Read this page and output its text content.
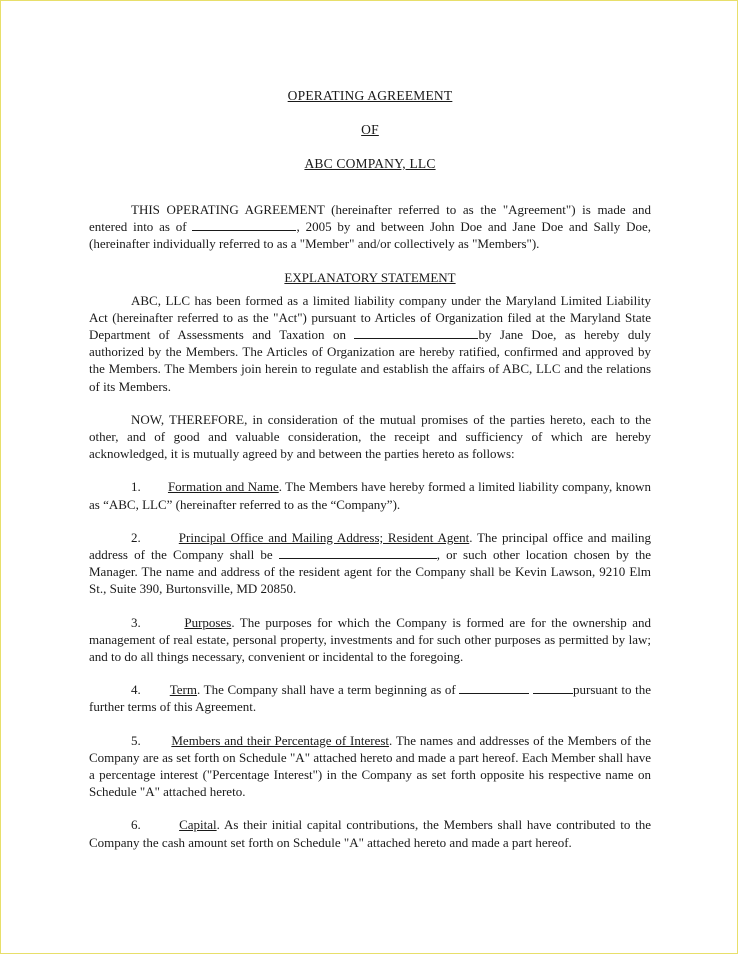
OPERATING AGREEMENT
OF
ABC COMPANY, LLC

THIS OPERATING AGREEMENT (hereinafter referred to as the "Agreement") is made and entered into as of	, 2005 by and between John Doe and Jane Doe and Sally Doe, (hereinafter individually referred to as a "Member" and/or collectively as "Members").

EXPLANATORY STATEMENT

ABC, LLC has been formed as a limited liability company under the Maryland Limited Liability Act (hereinafter referred to as the "Act") pursuant to Articles of Organization filed at the Maryland State Department of Assessments and Taxation on	by Jane Doe, as hereby duly authorized by the Members. The Articles of Organization are hereby ratified, confirmed and approved by the Members. The Members join herein to regulate and establish the affairs of ABC, LLC and the relations of its Members.

NOW, THEREFORE, in consideration of the mutual promises of the parties hereto, each to the other, and of good and valuable consideration, the receipt and sufficiency of which are hereby acknowledged, it is mutually agreed by and between the parties hereto as follows:

1. Formation and Name. The Members have hereby formed a limited liability company, known as “ABC, LLC” (hereinafter referred to as the “Company”).

2.	Principal Office and Mailing Address; Resident Agent. The principal office and mailing address of the Company shall be	, or such other location chosen by the Manager. The name and address of the resident agent for the Company shall be Kevin Lawson, 9210 Elm St., Suite 390, Burtonsville, MD 20850.

3.	Purposes. The purposes for which the Company is formed are for the ownership and management of real estate, personal property, investments and for such other purposes as permitted by law; and to do all things necessary, convenient or incidental to the foregoing.

4. Term. The Company shall have a term beginning as of	pursuant to the further terms of this Agreement.

5. Members and their Percentage of Interest. The names and addresses of the Members of the Company are as set forth on Schedule "A" attached hereto and made a part hereof. Each Member shall have a percentage interest ("Percentage Interest") in the Company as set forth opposite his respective name on Schedule "A" attached hereto.

6.	Capital. As their initial capital contributions, the Members shall have contributed to the Company the cash amount set forth on Schedule "A" attached hereto and made a part hereof.
